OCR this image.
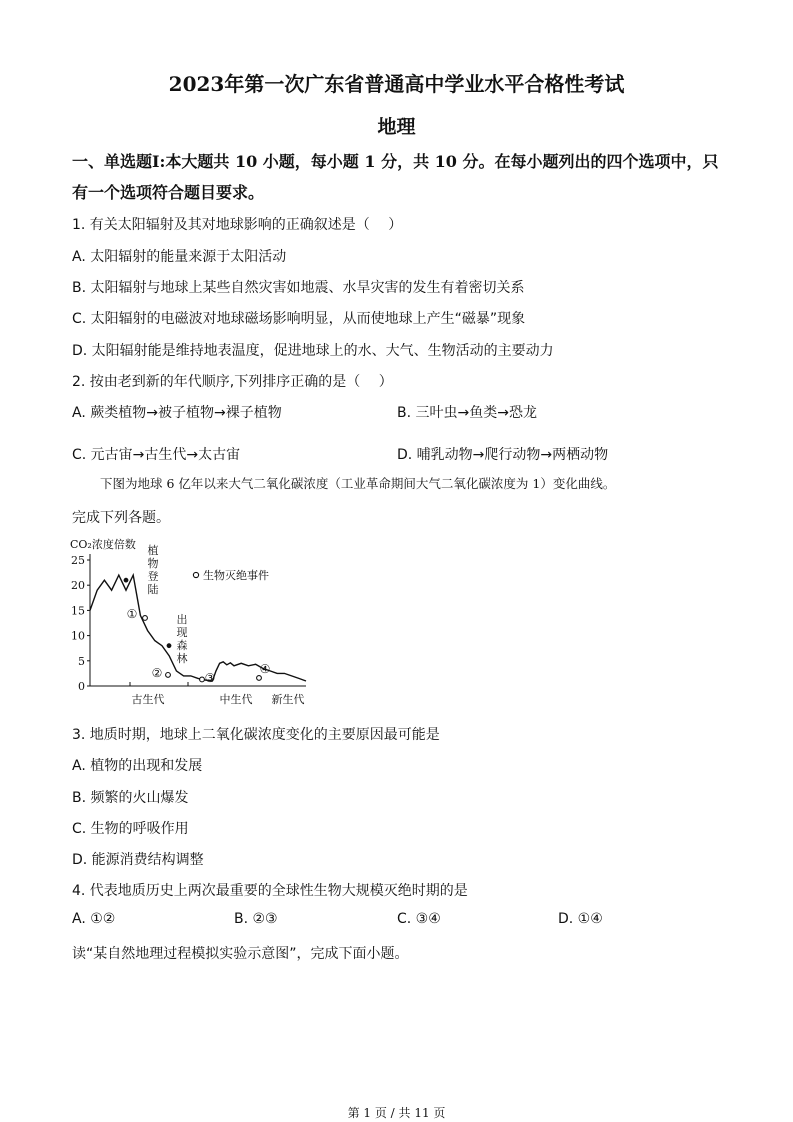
2023年第一次广东省普通高中学业水平合格性考试
地理
一、单选题Ⅰ:本大题共 10 小题，每小题 1 分，共 10 分。在每小题列出的四个选项中，只有一个选项符合题目要求。
1. 有关太阳辐射及其对地球影响的正确叙述是（　 ）
A. 太阳辐射的能量来源于太阳活动
B. 太阳辐射与地球上某些自然灾害如地震、水旱灾害的发生有着密切关系
C. 太阳辐射的电磁波对地球磁场影响明显，从而使地球上产生“磁暴”现象
D. 太阳辐射能是维持地表温度，促进地球上的水、大气、生物活动的主要动力
2. 按由老到新的年代顺序,下列排序正确的是（　 ）
A. 蕨类植物→被子植物→裸子植物	B. 三叶虫→鱼类→恐龙
C. 元古宙→古生代→太古宙	D. 哺乳动物→爬行动物→两栖动物
下图为地球 6 亿年以来大气二氧化碳浓度（工业革命期间大气二氧化碳浓度为 1）变化曲线。
完成下列各题。
CO₂浓度倍数
0
5
10
15
20
25
古生代	中生代 新生代
生物灭绝事件
植
物
登
陆
出
现
森
林
①
②	③
④
3. 地质时期，地球上二氧化碳浓度变化的主要原因最可能是
A. 植物的出现和发展
B. 频繁的火山爆发
C. 生物的呼吸作用
D. 能源消费结构调整
4. 代表地质历史上两次最重要的全球性生物大规模灭绝时期的是
A. ①②	B. ②③	C. ③④	D. ①④
读“某自然地理过程模拟实验示意图”，完成下面小题。
第 1 页 / 共 11 页
